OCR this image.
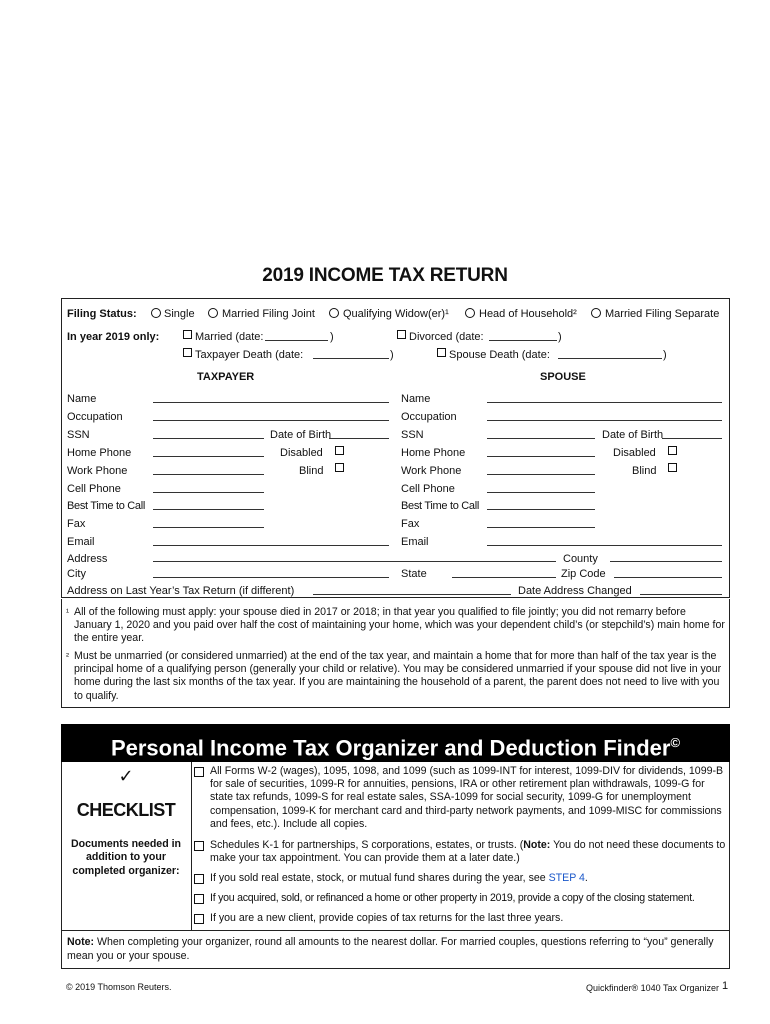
2019 INCOME TAX RETURN
Filing Status: Single Married Filing Joint	Qualifying Widow(er)¹	Head of Household²	Married Filing Separate
In year 2019 only:	Married (date:	)	Divorced (date:	)
Taxpayer Death (date:	)	Spouse Death (date:	)
TAXPAYER	SPOUSE
Name
Occupation
SSN	Date of Birth
Home Phone	Disabled
Work Phone	Blind
Cell Phone
Best Time to Call
Fax
Email
Name
Occupation
SSN	Date of Birth
Home Phone	Disabled
Work Phone	Blind
Cell Phone
Best Time to Call
Fax
Email
Address	County
City	State	Zip Code
Address on Last Year’s Tax Return (if different)	Date Address Changed
¹ All of the following must apply: your spouse died in 2017 or 2018; in that year you qualified to file jointly; you did not remarry before January 1, 2020 and you paid over half the cost of maintaining your home, which was your dependent child’s (or stepchild’s) main home for the entire year.
² Must be unmarried (or considered unmarried) at the end of the tax year, and maintain a home that for more than half of the tax year is the principal home of a qualifying person (generally your child or relative). You may be considered unmarried if your spouse did not live in your home during the last six months of the tax year. If you are maintaining the household of a parent, the parent does not need to live with you to qualify.
Personal Income Tax Organizer and Deduction Finder©
✓
CHECKLIST
Documents needed in addition to your completed organizer:
All Forms W-2 (wages), 1095, 1098, and 1099 (such as 1099-INT for interest, 1099-DIV for dividends, 1099-B for sale of securities, 1099-R for annuities, pensions, IRA or other retirement plan withdrawals, 1099-G for state tax refunds, 1099-S for real estate sales, SSA-1099 for social security, 1099-G for unemployment compensation, 1099-K for merchant card and third-party network payments, and 1099-MISC for commissions and fees, etc.). Include all copies.
Schedules K-1 for partnerships, S corporations, estates, or trusts. (Note: You do not need these documents to make your tax appointment. You can provide them at a later date.)
If you sold real estate, stock, or mutual fund shares during the year, see STEP 4.
If you acquired, sold, or refinanced a home or other property in 2019, provide a copy of the closing statement.
If you are a new client, provide copies of tax returns for the last three years.
Note: When completing your organizer, round all amounts to the nearest dollar. For married couples, questions referring to “you” generally mean you or your spouse.
© 2019 Thomson Reuters.	Quickfinder® 1040 Tax Organizer 1
